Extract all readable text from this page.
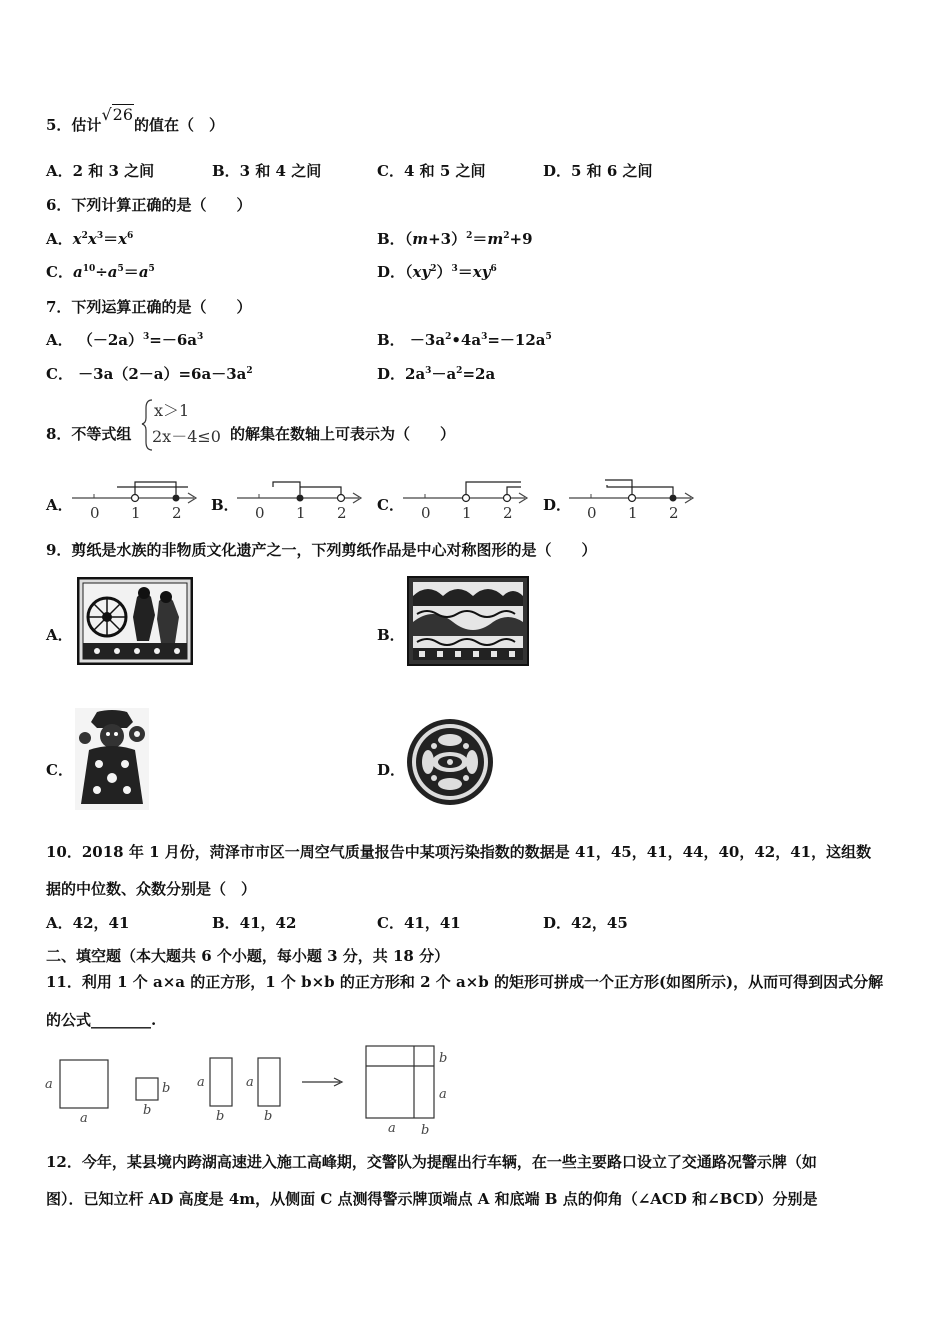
5．估计√26的值在（　）
A．2 和 3 之间	B．3 和 4 之间	C．4 和 5 之间	D．5 和 6 之间
6．下列计算正确的是（　　）
A．$x^2x^3=x^6$	B．$(m+3)^2=m^2+9$
C．$a^{10}\div a^5=a^5$	D．$(xy^2)^3=xy^6$
7．下列运算正确的是（　　）
A． $(-2a)^3=-6a^3$	B． $-3a^2•4a^3=-12a^5$
C． $-3a(2-a)=6a-3a^2$	D．$2a^3-a^2=2a$
8．不等式组
x＞1
2x－4≤0 的解集在数轴上可表示为（　　）
A． 0 1 2 B． 0 1 2 C． 0 1 2 D． 0 1 2
9．剪纸是水族的非物质文化遗产之一，下列剪纸作品是中心对称图形的是（　　）
A．	B．
C．	D．
10．2018 年 1 月份，菏泽市市区一周空气质量报告中某项污染指数的数据是 41，45，41，44，40，42，41，这组数
据的中位数、众数分别是（　）
A．42，41	B．41，42	C．41，41	D．42，45
二、填空题（本大题共 6 个小题，每小题 3 分，共 18 分）
11．利用 1 个 a×a 的正方形，1 个 b×b 的正方形和 2 个 a×b 的矩形可拼成一个正方形(如图所示)，从而可得到因式分解
的公式________.
a
a
b
b
a
b
a
b
b
a
a b
12．今年，某县境内跨湖高速进入施工高峰期，交警队为提醒出行车辆，在一些主要路口设立了交通路况警示牌（如
图）．已知立杆 AD 高度是 4m，从侧面 C 点测得警示牌顶端点 A 和底端 B 点的仰角（∠ACD 和∠BCD）分别是
